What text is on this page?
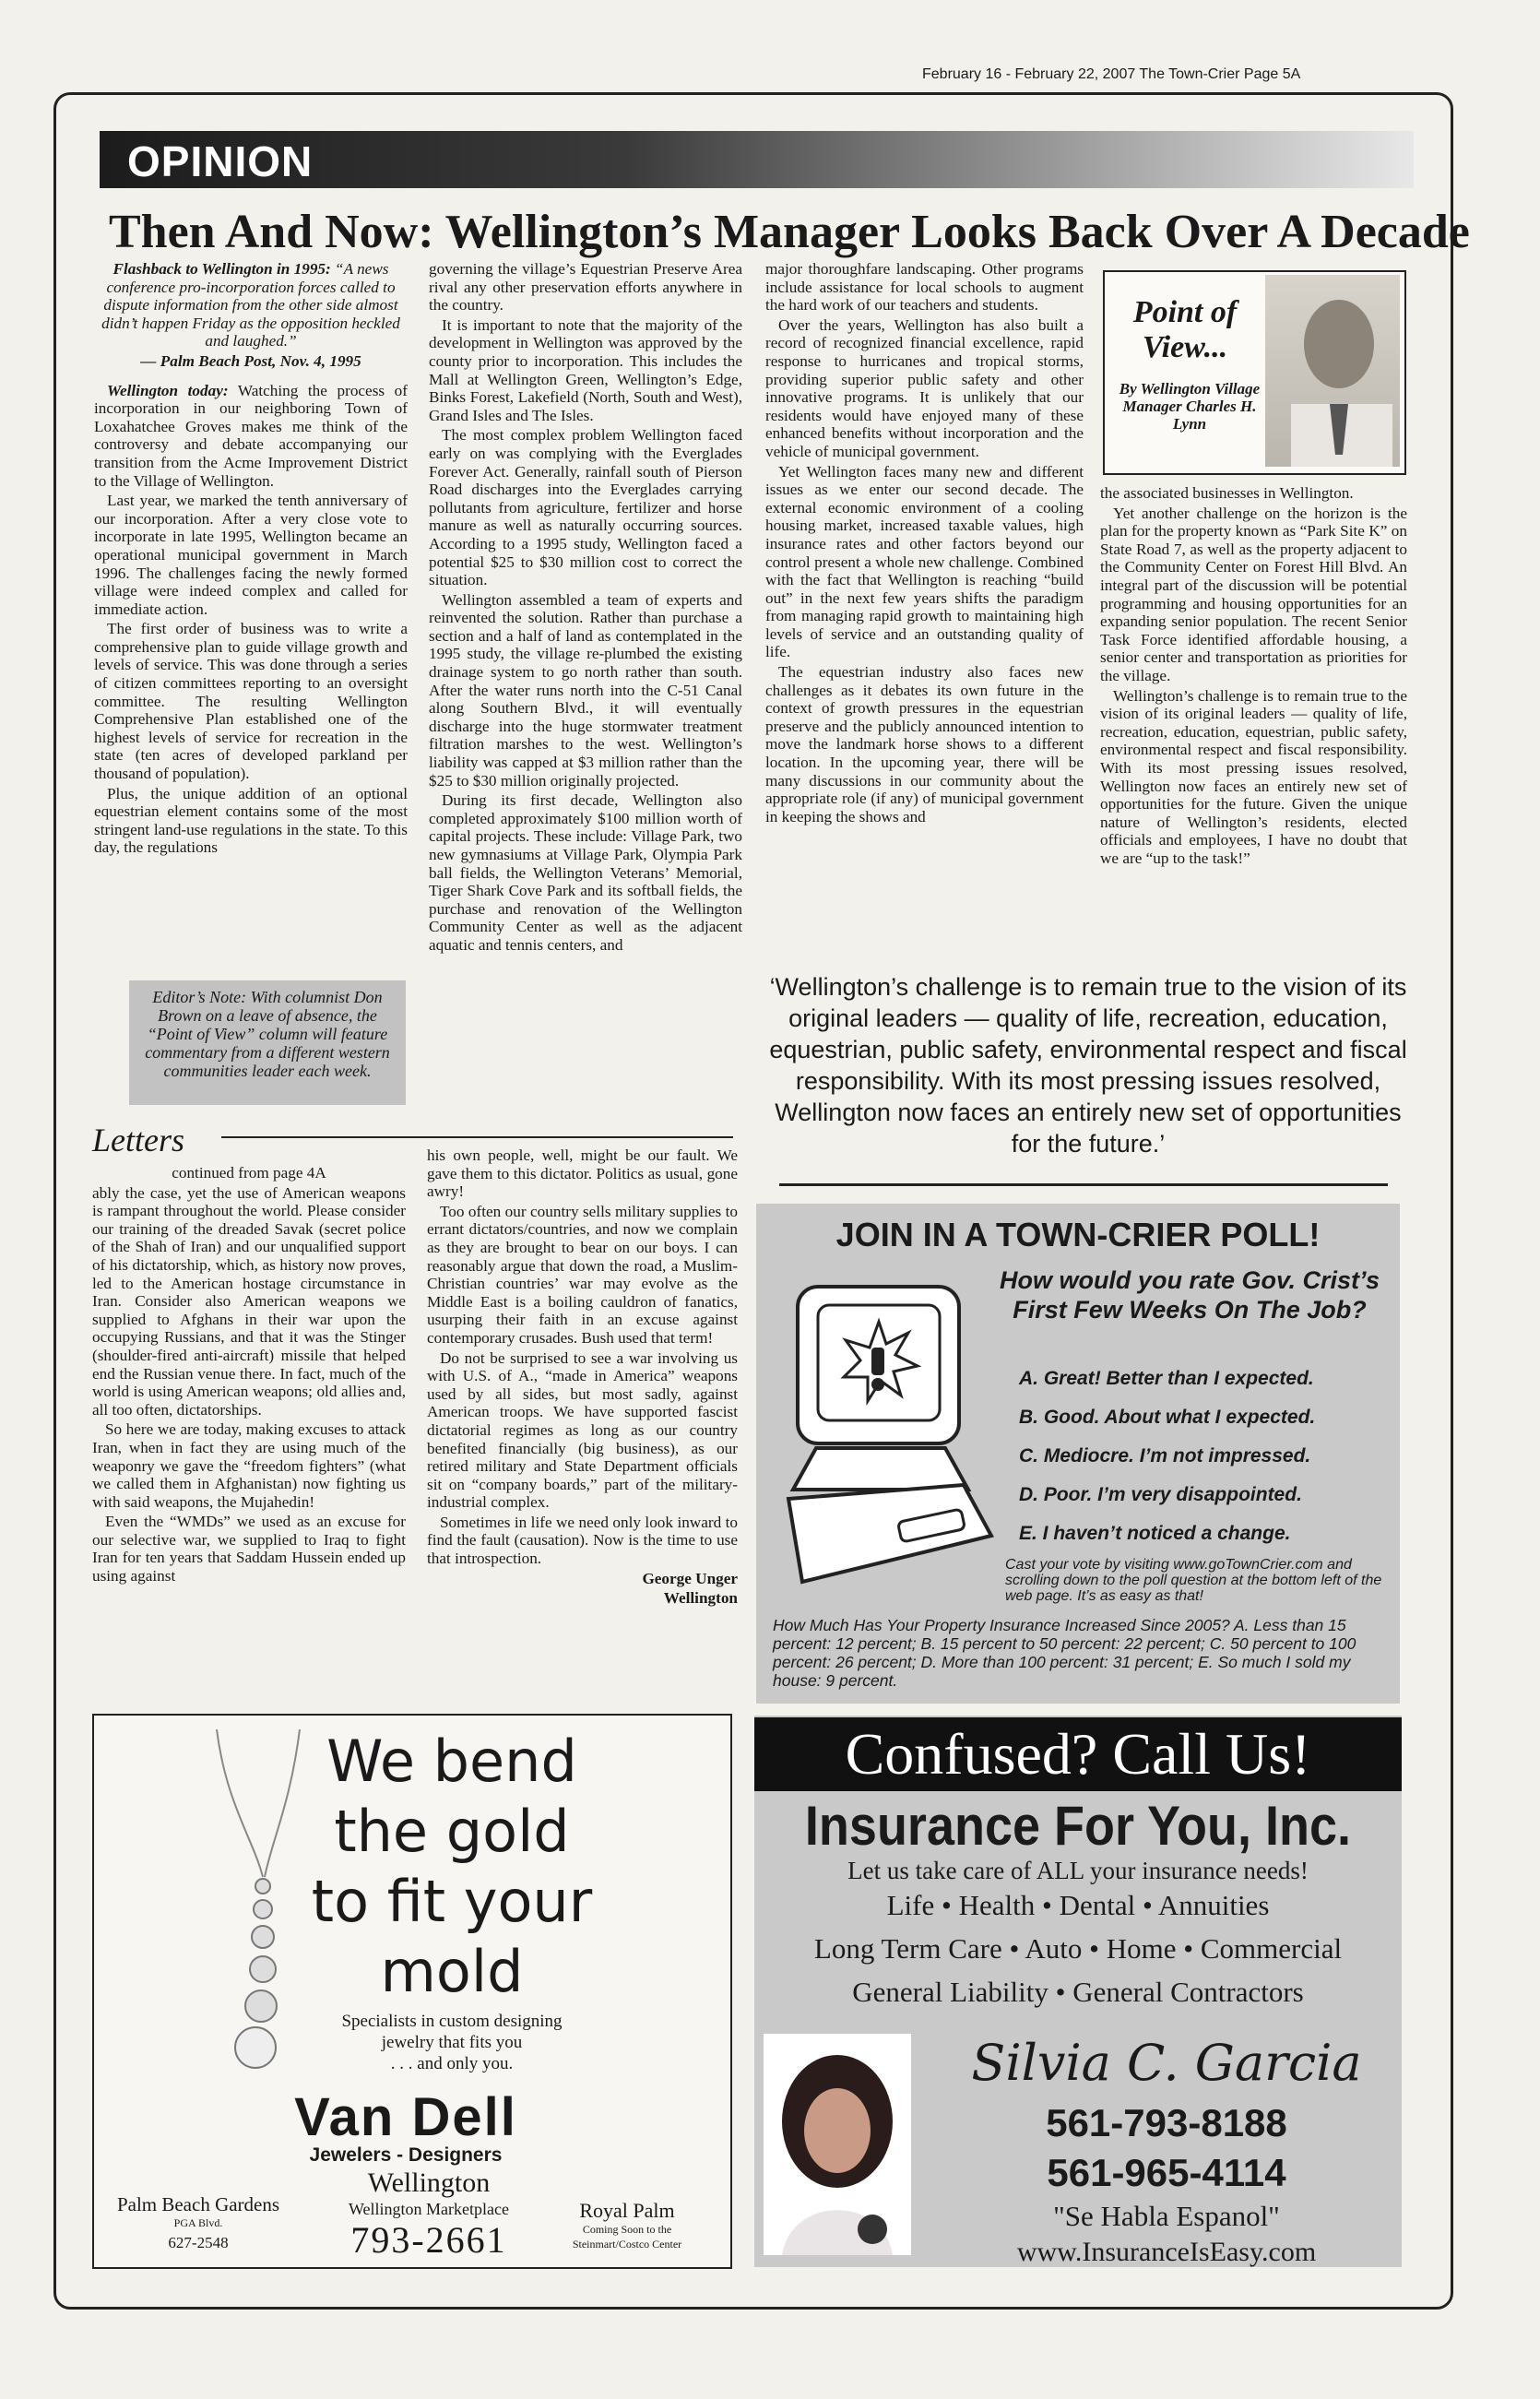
February 16 - February 22, 2007 The Town-Crier Page 5A
OPINION
Then And Now: Wellington’s Manager Looks Back Over A Decade

Flashback to Wellington in 1995: “A news conference pro-incorporation forces called to dispute information from the other side almost didn’t happen Friday as the opposition heckled and laughed.”

— Palm Beach Post, Nov. 4, 1995

Wellington today: Watching the process of incorporation in our neighboring Town of Loxahatchee Groves makes me think of the controversy and debate accompanying our transition from the Acme Improvement District to the Village of Wellington.

Last year, we marked the tenth anniversary of our incorporation. After a very close vote to incorporate in late 1995, Wellington became an operational municipal government in March 1996. The challenges facing the newly formed village were indeed complex and called for immediate action.

The first order of business was to write a comprehensive plan to guide village growth and levels of service. This was done through a series of citizen committees reporting to an oversight committee. The resulting Wellington Comprehensive Plan established one of the highest levels of service for recreation in the state (ten acres of developed parkland per thousand of population).

Plus, the unique addition of an optional equestrian element contains some of the most stringent land-use regulations in the state. To this day, the regulations

Editor’s Note: With columnist Don Brown on a leave of absence, the “Point of View” column will feature commentary from a different western communities leader each week.

governing the village’s Equestrian Preserve Area rival any other preservation efforts anywhere in the country.

It is important to note that the majority of the development in Wellington was approved by the county prior to incorporation. This includes the Mall at Wellington Green, Wellington’s Edge, Binks Forest, Lakefield (North, South and West), Grand Isles and The Isles.

The most complex problem Wellington faced early on was complying with the Everglades Forever Act. Generally, rainfall south of Pierson Road discharges into the Everglades carrying pollutants from agriculture, fertilizer and horse manure as well as naturally occurring sources. According to a 1995 study, Wellington faced a potential $25 to $30 million cost to correct the situation.

Wellington assembled a team of experts and reinvented the solution. Rather than purchase a section and a half of land as contemplated in the 1995 study, the village re-plumbed the existing drainage system to go north rather than south. After the water runs north into the C-51 Canal along Southern Blvd., it will eventually discharge into the huge stormwater treatment filtration marshes to the west. Wellington’s liability was capped at $3 million rather than the $25 to $30 million originally projected.

During its first decade, Wellington also completed approximately $100 million worth of capital projects. These include: Village Park, two new gymnasiums at Village Park, Olympia Park ball fields, the Wellington Veterans’ Memorial, Tiger Shark Cove Park and its softball fields, the purchase and renovation of the Wellington Community Center as well as the adjacent aquatic and tennis centers, and

major thoroughfare landscaping. Other programs include assistance for local schools to augment the hard work of our teachers and students.

Over the years, Wellington has also built a record of recognized financial excellence, rapid response to hurricanes and tropical storms, providing superior public safety and other innovative programs. It is unlikely that our residents would have enjoyed many of these enhanced benefits without incorporation and the vehicle of municipal government.

Yet Wellington faces many new and different issues as we enter our second decade. The external economic environment of a cooling housing market, increased taxable values, high insurance rates and other factors beyond our control present a whole new challenge. Combined with the fact that Wellington is reaching “build out” in the next few years shifts the paradigm from managing rapid growth to maintaining high levels of service and an outstanding quality of life.

The equestrian industry also faces new challenges as it debates its own future in the context of growth pressures in the equestrian preserve and the publicly announced intention to move the landmark horse shows to a different location. In the upcoming year, there will be many discussions in our community about the appropriate role (if any) of municipal government in keeping the shows and

Point of View...
By Wellington Village Manager Charles H. Lynn

the associated businesses in Wellington.

Yet another challenge on the horizon is the plan for the property known as “Park Site K” on State Road 7, as well as the property adjacent to the Community Center on Forest Hill Blvd. An integral part of the discussion will be potential programming and housing opportunities for an expanding senior population. The recent Senior Task Force identified affordable housing, a senior center and transportation as priorities for the village.

Wellington’s challenge is to remain true to the vision of its original leaders — quality of life, recreation, education, equestrian, public safety, environmental respect and fiscal responsibility. With its most pressing issues resolved, Wellington now faces an entirely new set of opportunities for the future. Given the unique nature of Wellington’s residents, elected officials and employees, I have no doubt that we are “up to the task!”

‘Wellington’s challenge is to remain true to the vision of its original leaders — quality of life, recreation, education, equestrian, public safety, environmental respect and fiscal responsibility. With its most pressing issues resolved, Wellington now faces an entirely new set of opportunities for the future.’
Letters

continued from page 4A

ably the case, yet the use of American weapons is rampant throughout the world. Please consider our training of the dreaded Savak (secret police of the Shah of Iran) and our unqualified support of his dictatorship, which, as history now proves, led to the American hostage circumstance in Iran. Consider also American weapons we supplied to Afghans in their war upon the occupying Russians, and that it was the Stinger (shoulder-fired anti-aircraft) missile that helped end the Russian venue there. In fact, much of the world is using American weapons; old allies and, all too often, dictatorships.

So here we are today, making excuses to attack Iran, when in fact they are using much of the weaponry we gave the “freedom fighters” (what we called them in Afghanistan) now fighting us with said weapons, the Mujahedin!

Even the “WMDs” we used as an excuse for our selective war, we supplied to Iraq to fight Iran for ten years that Saddam Hussein ended up using against

his own people, well, might be our fault. We gave them to this dictator. Politics as usual, gone awry!

Too often our country sells military supplies to errant dictators/countries, and now we complain as they are brought to bear on our boys. I can reasonably argue that down the road, a Muslim-Christian countries’ war may evolve as the Middle East is a boiling cauldron of fanatics, usurping their faith in an excuse against contemporary crusades. Bush used that term!

Do not be surprised to see a war involving us with U.S. of A., “made in America” weapons used by all sides, but most sadly, against American troops. We have supported fascist dictatorial regimes as long as our country benefited financially (big business), as our retired military and State Department officials sit on “company boards,” part of the military-industrial complex.

Sometimes in life we need only look inward to find the fault (causation). Now is the time to use that introspection.

George Unger

Wellington

JOIN IN A TOWN-CRIER POLL!
How would you rate Gov. Crist’s First Few Weeks On The Job?
A. Great! Better than I expected.
B. Good. About what I expected.
C. Mediocre. I’m not impressed.
D. Poor. I’m very disappointed.
E. I haven’t noticed a change.
Cast your vote by visiting www.goTownCrier.com and scrolling down to the poll question at the bottom left of the web page. It’s as easy as that!
How Much Has Your Property Insurance Increased Since 2005? A. Less than 15 percent: 12 percent; B. 15 percent to 50 percent: 22 percent; C. 50 percent to 100 percent: 26 percent; D. More than 100 percent: 31 percent; E. So much I sold my house: 9 percent.
We bend
the gold
to fit your
mold
Specialists in custom designing
jewelry that fits you
. . . and only you.
Van Dell
Jewelers - Designers
Palm Beach Gardens
PGA Blvd.
627-2548
Wellington
Wellington Marketplace
793-2661
Royal Palm
Coming Soon to the
Steinmart/Costco Center
Confused? Call Us!
Insurance For You, Inc.
Let us take care of ALL your insurance needs!
Life • Health • Dental • Annuities
Long Term Care • Auto • Home • Commercial
General Liability • General Contractors
Silvia C. Garcia
561-793-8188
561-965-4114
"Se Habla Espanol"
www.InsuranceIsEasy.com
